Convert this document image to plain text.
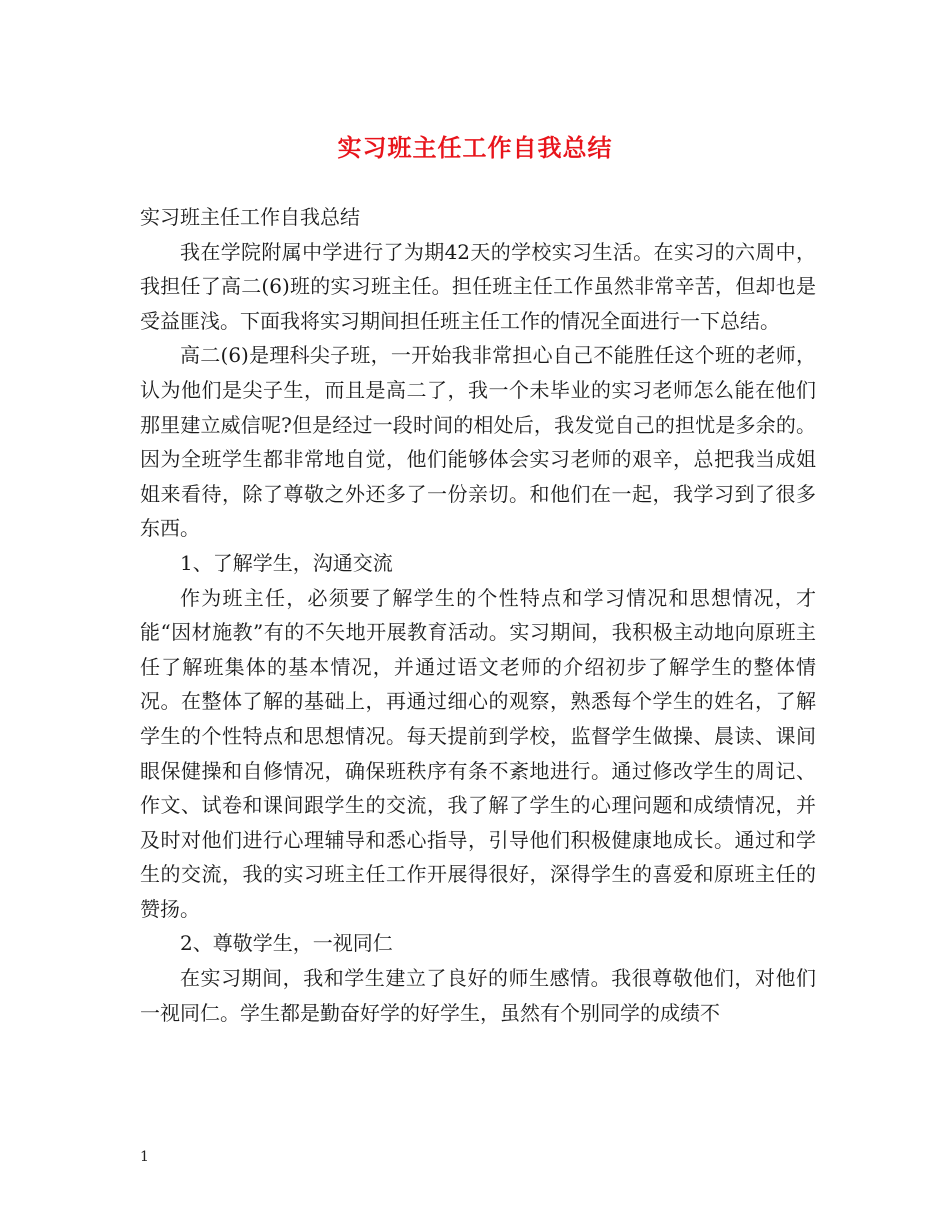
实习班主任工作自我总结

实习班主任工作自我总结

我在学院附属中学进行了为期42天的学校实习生活。在实习的六周中，我担任了高二(6)班的实习班主任。担任班主任工作虽然非常辛苦，但却也是受益匪浅。下面我将实习期间担任班主任工作的情况全面进行一下总结。

高二(6)是理科尖子班，一开始我非常担心自己不能胜任这个班的老师，认为他们是尖子生，而且是高二了，我一个未毕业的实习老师怎么能在他们那里建立威信呢?但是经过一段时间的相处后，我发觉自己的担忧是多余的。因为全班学生都非常地自觉，他们能够体会实习老师的艰辛，总把我当成姐姐来看待，除了尊敬之外还多了一份亲切。和他们在一起，我学习到了很多东西。

1、了解学生，沟通交流

作为班主任，必须要了解学生的个性特点和学习情况和思想情况，才能“因材施教”有的不矢地开展教育活动。实习期间，我积极主动地向原班主任了解班集体的基本情况，并通过语文老师的介绍初步了解学生的整体情况。在整体了解的基础上，再通过细心的观察，熟悉每个学生的姓名，了解学生的个性特点和思想情况。每天提前到学校，监督学生做操、晨读、课间眼保健操和自修情况，确保班秩序有条不紊地进行。通过修改学生的周记、作文、试卷和课间跟学生的交流，我了解了学生的心理问题和成绩情况，并及时对他们进行心理辅导和悉心指导，引导他们积极健康地成长。通过和学生的交流，我的实习班主任工作开展得很好，深得学生的喜爱和原班主任的赞扬。

2、尊敬学生，一视同仁

在实习期间，我和学生建立了良好的师生感情。我很尊敬他们，对他们一视同仁。学生都是勤奋好学的好学生，虽然有个别同学的成绩不

1
